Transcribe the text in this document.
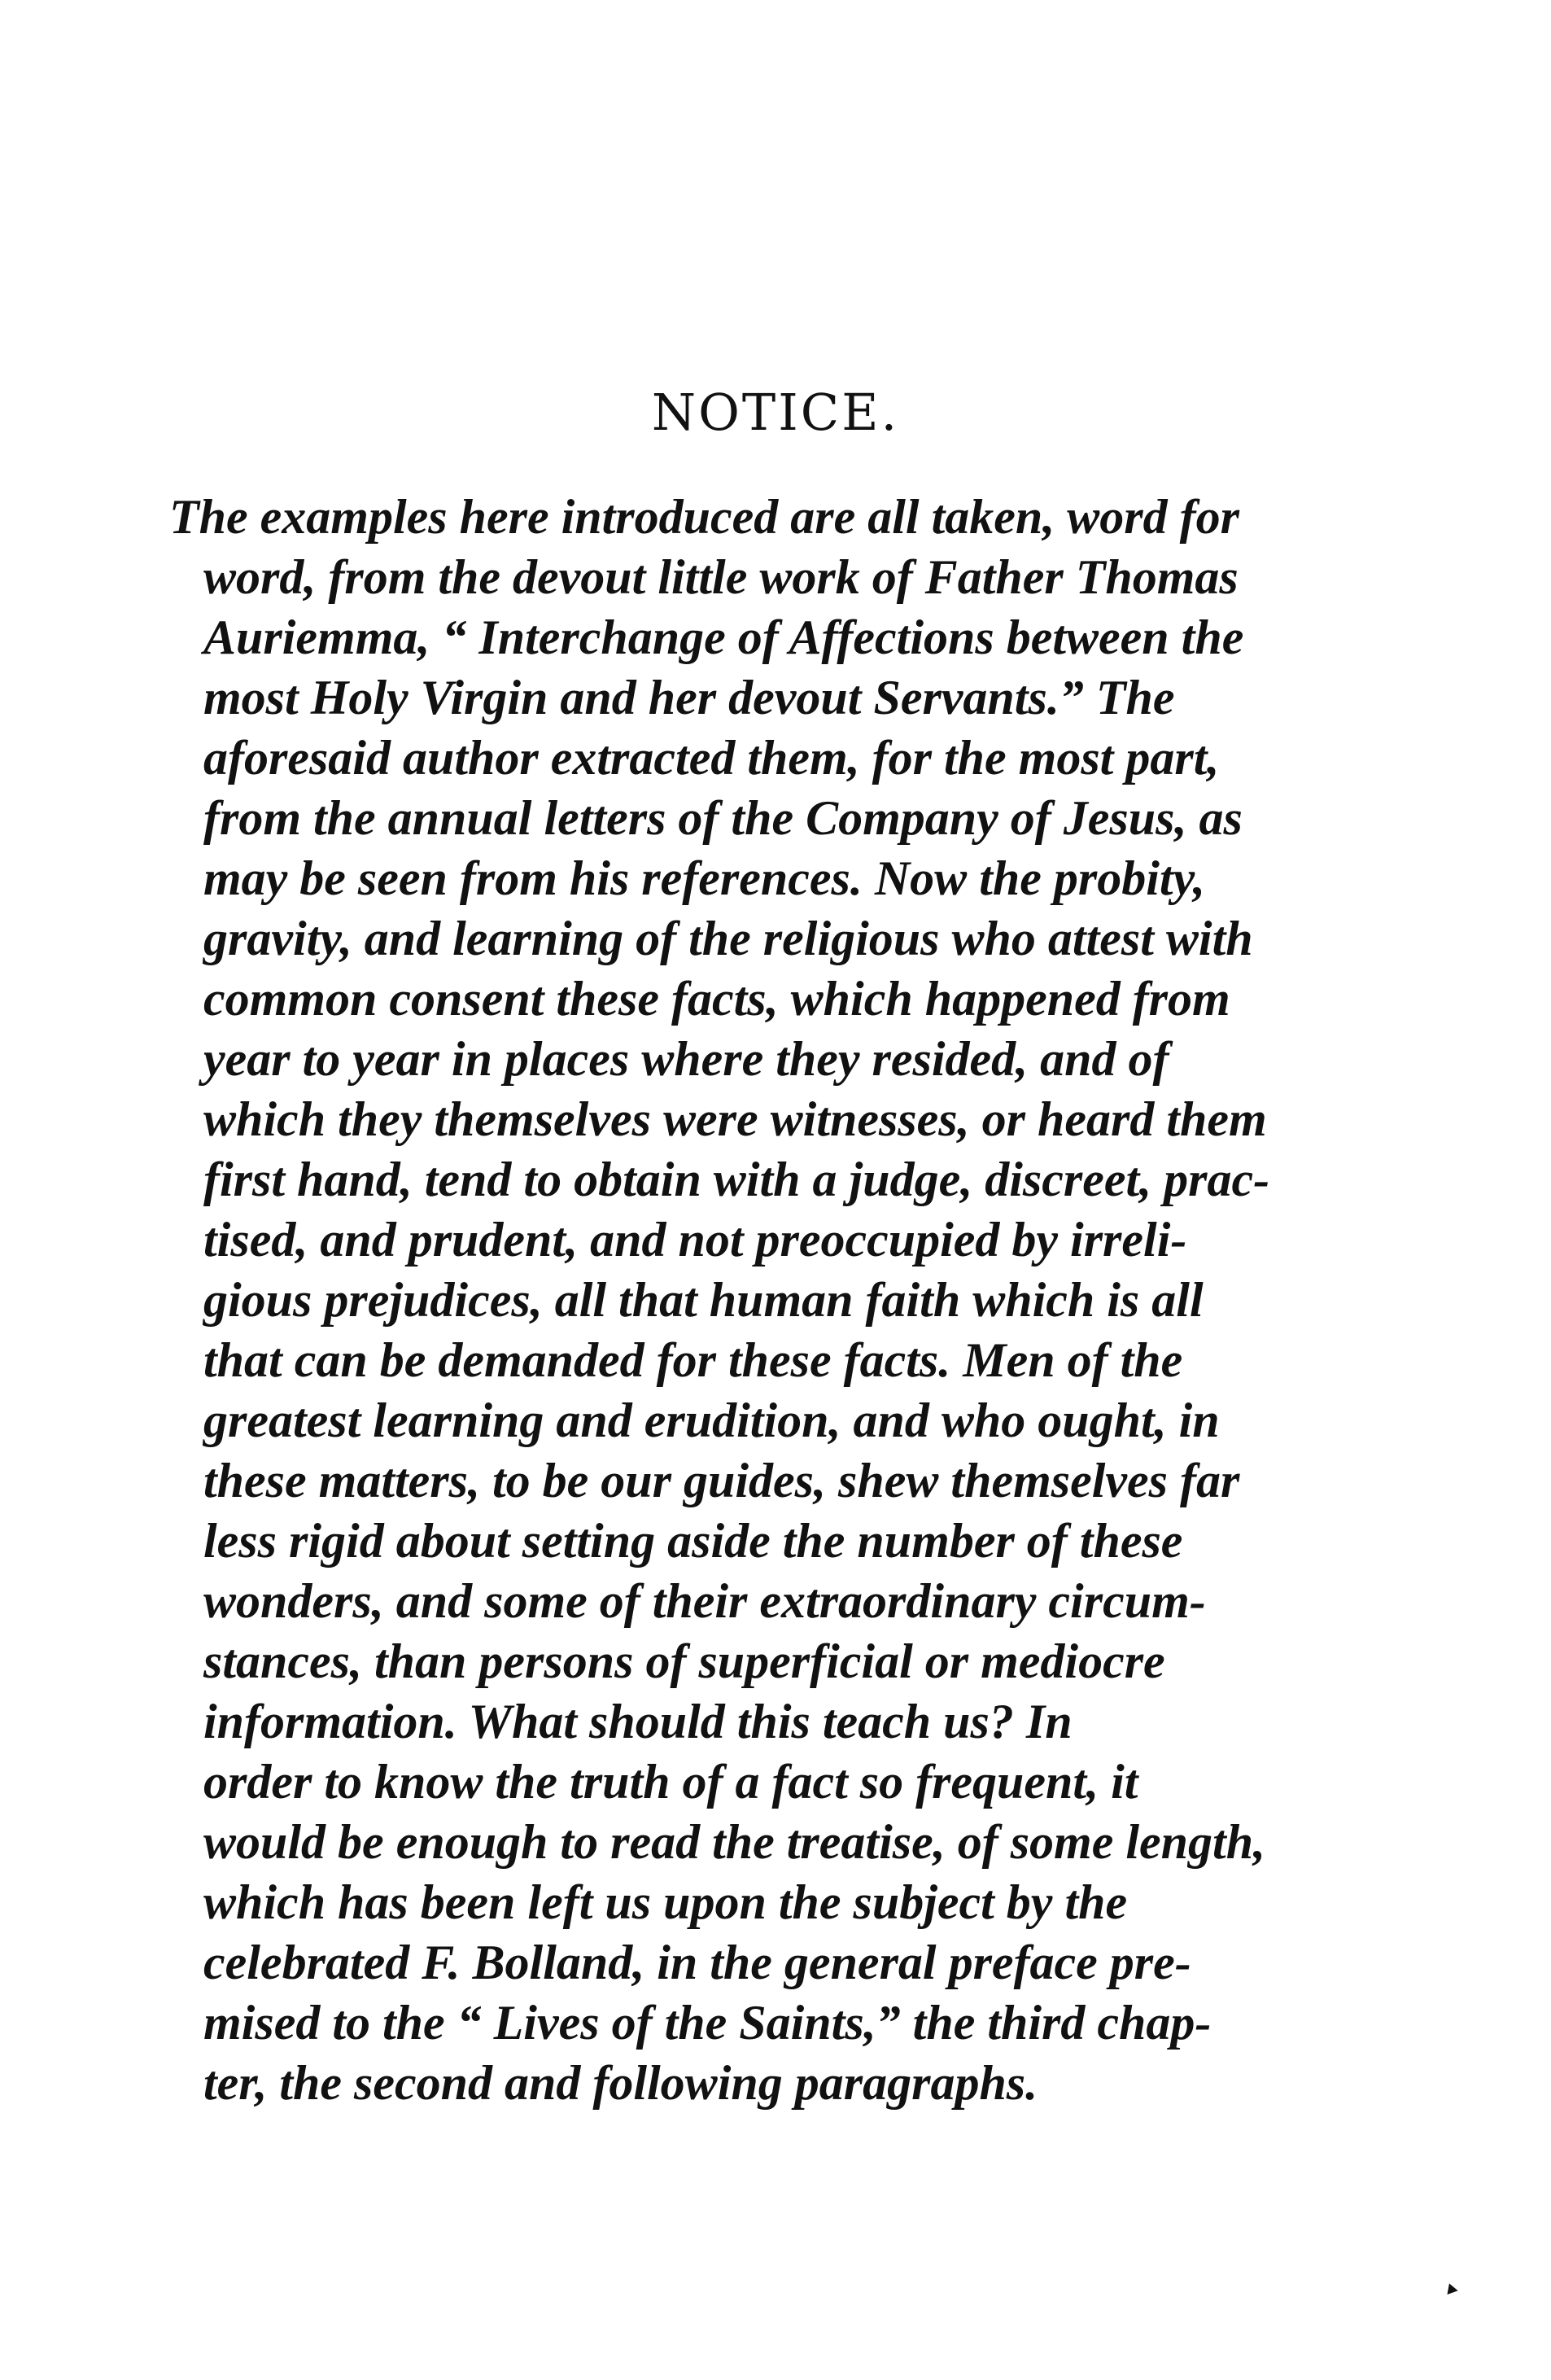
NOTICE.
The examples here introduced are all taken, word for
word, from the devout little work of Father Thomas
Auriemma, “ Interchange of Affections between the
most Holy Virgin and her devout Servants.” The
aforesaid author extracted them, for the most part,
from the annual letters of the Company of Jesus, as
may be seen from his references. Now the probity,
gravity, and learning of the religious who attest with
common consent these facts, which happened from
year to year in places where they resided, and of
which they themselves were witnesses, or heard them
first hand, tend to obtain with a judge, discreet, prac-
tised, and prudent, and not preoccupied by irreli-
gious prejudices, all that human faith which is all
that can be demanded for these facts. Men of the
greatest learning and erudition, and who ought, in
these matters, to be our guides, shew themselves far
less rigid about setting aside the number of these
wonders, and some of their extraordinary circum-
stances, than persons of superficial or mediocre
information. What should this teach us? In
order to know the truth of a fact so frequent, it
would be enough to read the treatise, of some length,
which has been left us upon the subject by the
celebrated F. Bolland, in the general preface pre-
mised to the “ Lives of the Saints,” the third chap-
ter, the second and following paragraphs.
